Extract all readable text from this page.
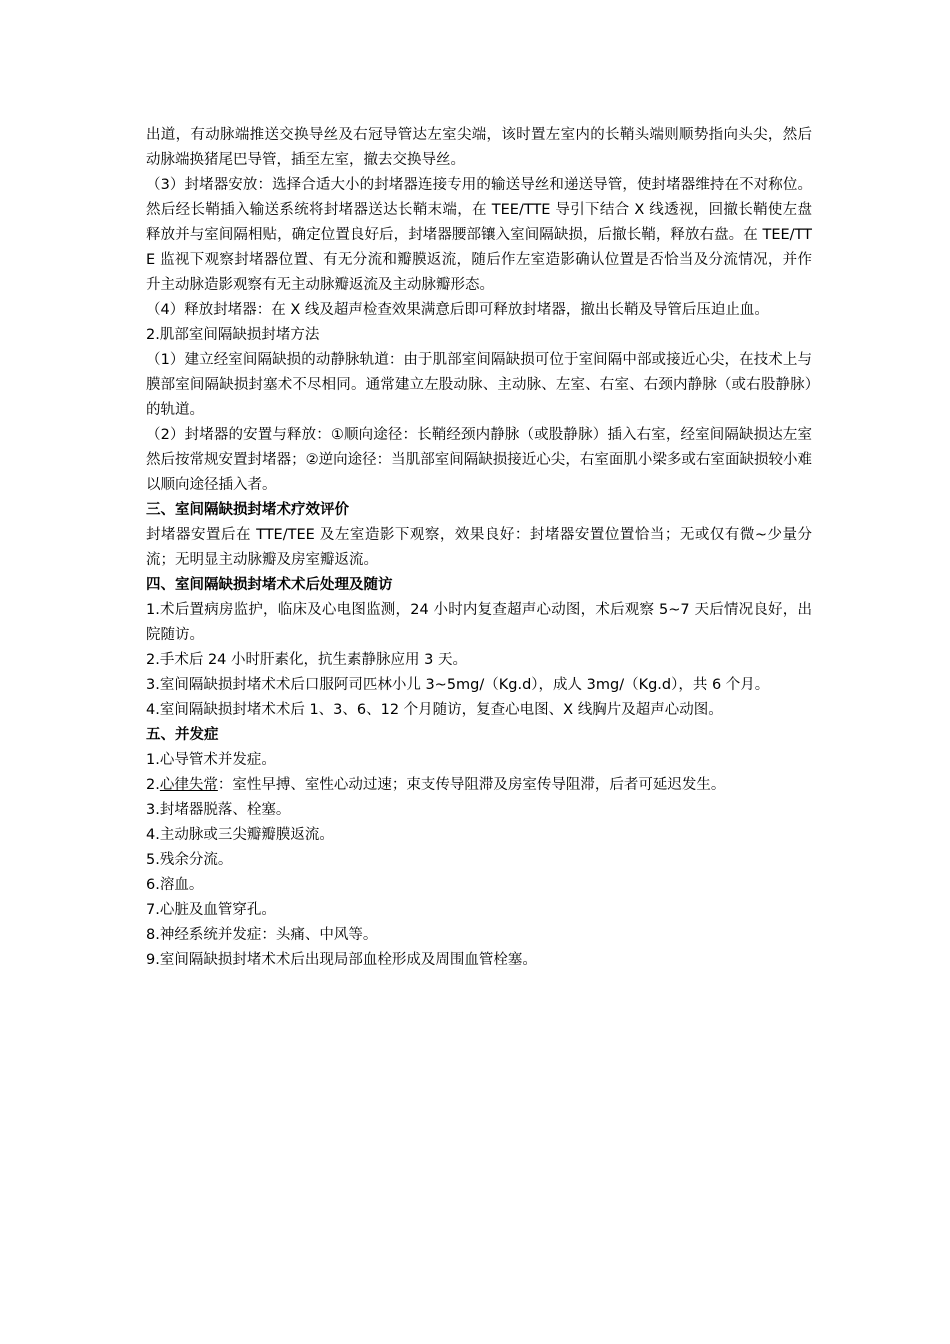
出道，有动脉端推送交换导丝及右冠导管达左室尖端，该时置左室内的长鞘头端则顺势指向头尖，然后动脉端换猪尾巴导管，插至左室，撤去交换导丝。

（3）封堵器安放：选择合适大小的封堵器连接专用的输送导丝和递送导管，使封堵器维持在不对称位。然后经长鞘插入输送系统将封堵器送达长鞘末端，在 TEE/TTE 导引下结合 X 线透视，回撤长鞘使左盘释放并与室间隔相贴，确定位置良好后，封堵器腰部镶入室间隔缺损，后撤长鞘，释放右盘。在 TEE/TTE 监视下观察封堵器位置、有无分流和瓣膜返流，随后作左室造影确认位置是否恰当及分流情况，并作升主动脉造影观察有无主动脉瓣返流及主动脉瓣形态。

（4）释放封堵器：在 X 线及超声检查效果满意后即可释放封堵器，撤出长鞘及导管后压迫止血。

2.肌部室间隔缺损封堵方法

（1）建立经室间隔缺损的动静脉轨道：由于肌部室间隔缺损可位于室间隔中部或接近心尖，在技术上与膜部室间隔缺损封塞术不尽相同。通常建立左股动脉、主动脉、左室、右室、右颈内静脉（或右股静脉）的轨道。

（2）封堵器的安置与释放：①顺向途径：长鞘经颈内静脉（或股静脉）插入右室，经室间隔缺损达左室然后按常规安置封堵器；②逆向途径：当肌部室间隔缺损接近心尖，右室面肌小梁多或右室面缺损较小难以顺向途径插入者。

三、室间隔缺损封堵术疗效评价

封堵器安置后在 TTE/TEE 及左室造影下观察，效果良好：封堵器安置位置恰当；无或仅有微~少量分流；无明显主动脉瓣及房室瓣返流。

四、室间隔缺损封堵术术后处理及随访

1.术后置病房监护，临床及心电图监测，24 小时内复查超声心动图，术后观察 5~7 天后情况良好，出院随访。

2.手术后 24 小时肝素化，抗生素静脉应用 3 天。

3.室间隔缺损封堵术术后口服阿司匹林小儿 3~5mg/（Kg.d），成人 3mg/（Kg.d），共 6 个月。

4.室间隔缺损封堵术术后 1、3、6、12 个月随访，复查心电图、X 线胸片及超声心动图。

五、并发症

1.心导管术并发症。

2.心律失常：室性早搏、室性心动过速；束支传导阻滞及房室传导阻滞，后者可延迟发生。

3.封堵器脱落、栓塞。

4.主动脉或三尖瓣瓣膜返流。

5.残余分流。

6.溶血。

7.心脏及血管穿孔。

8.神经系统并发症：头痛、中风等。

9.室间隔缺损封堵术术后出现局部血栓形成及周围血管栓塞。
